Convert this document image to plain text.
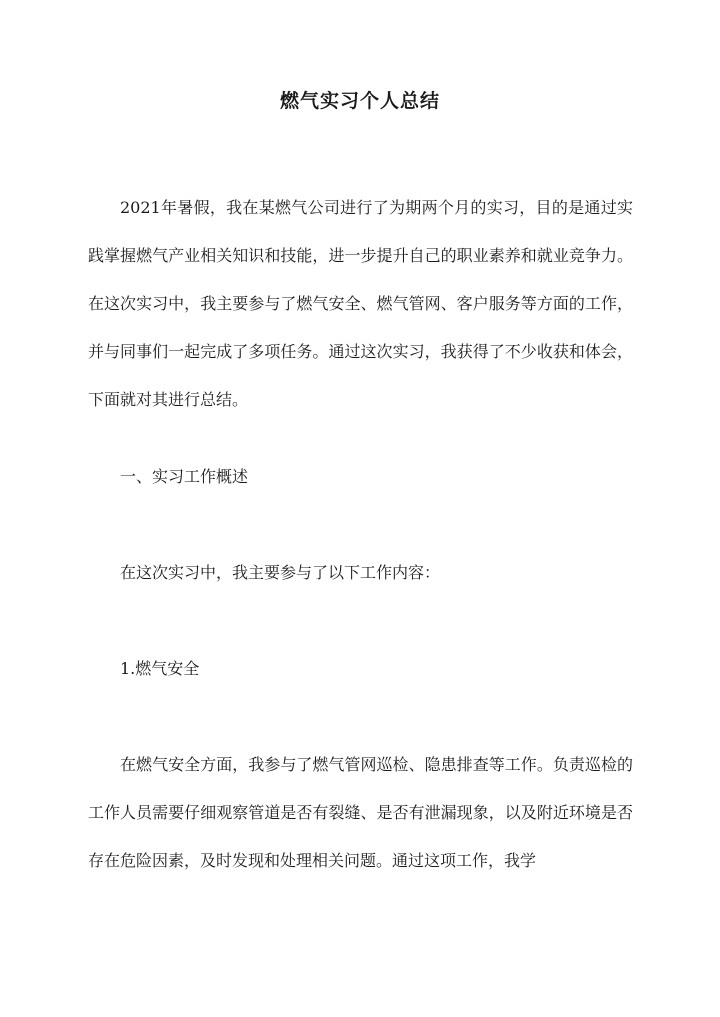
燃气实习个人总结

2021年暑假，我在某燃气公司进行了为期两个月的实习，目的是通过实践掌握燃气产业相关知识和技能，进一步提升自己的职业素养和就业竞争力。在这次实习中，我主要参与了燃气安全、燃气管网、客户服务等方面的工作，并与同事们一起完成了多项任务。通过这次实习，我获得了不少收获和体会，下面就对其进行总结。

一、实习工作概述

在这次实习中，我主要参与了以下工作内容：

1.燃气安全

在燃气安全方面，我参与了燃气管网巡检、隐患排查等工作。负责巡检的工作人员需要仔细观察管道是否有裂缝、是否有泄漏现象，以及附近环境是否存在危险因素，及时发现和处理相关问题。通过这项工作，我学
